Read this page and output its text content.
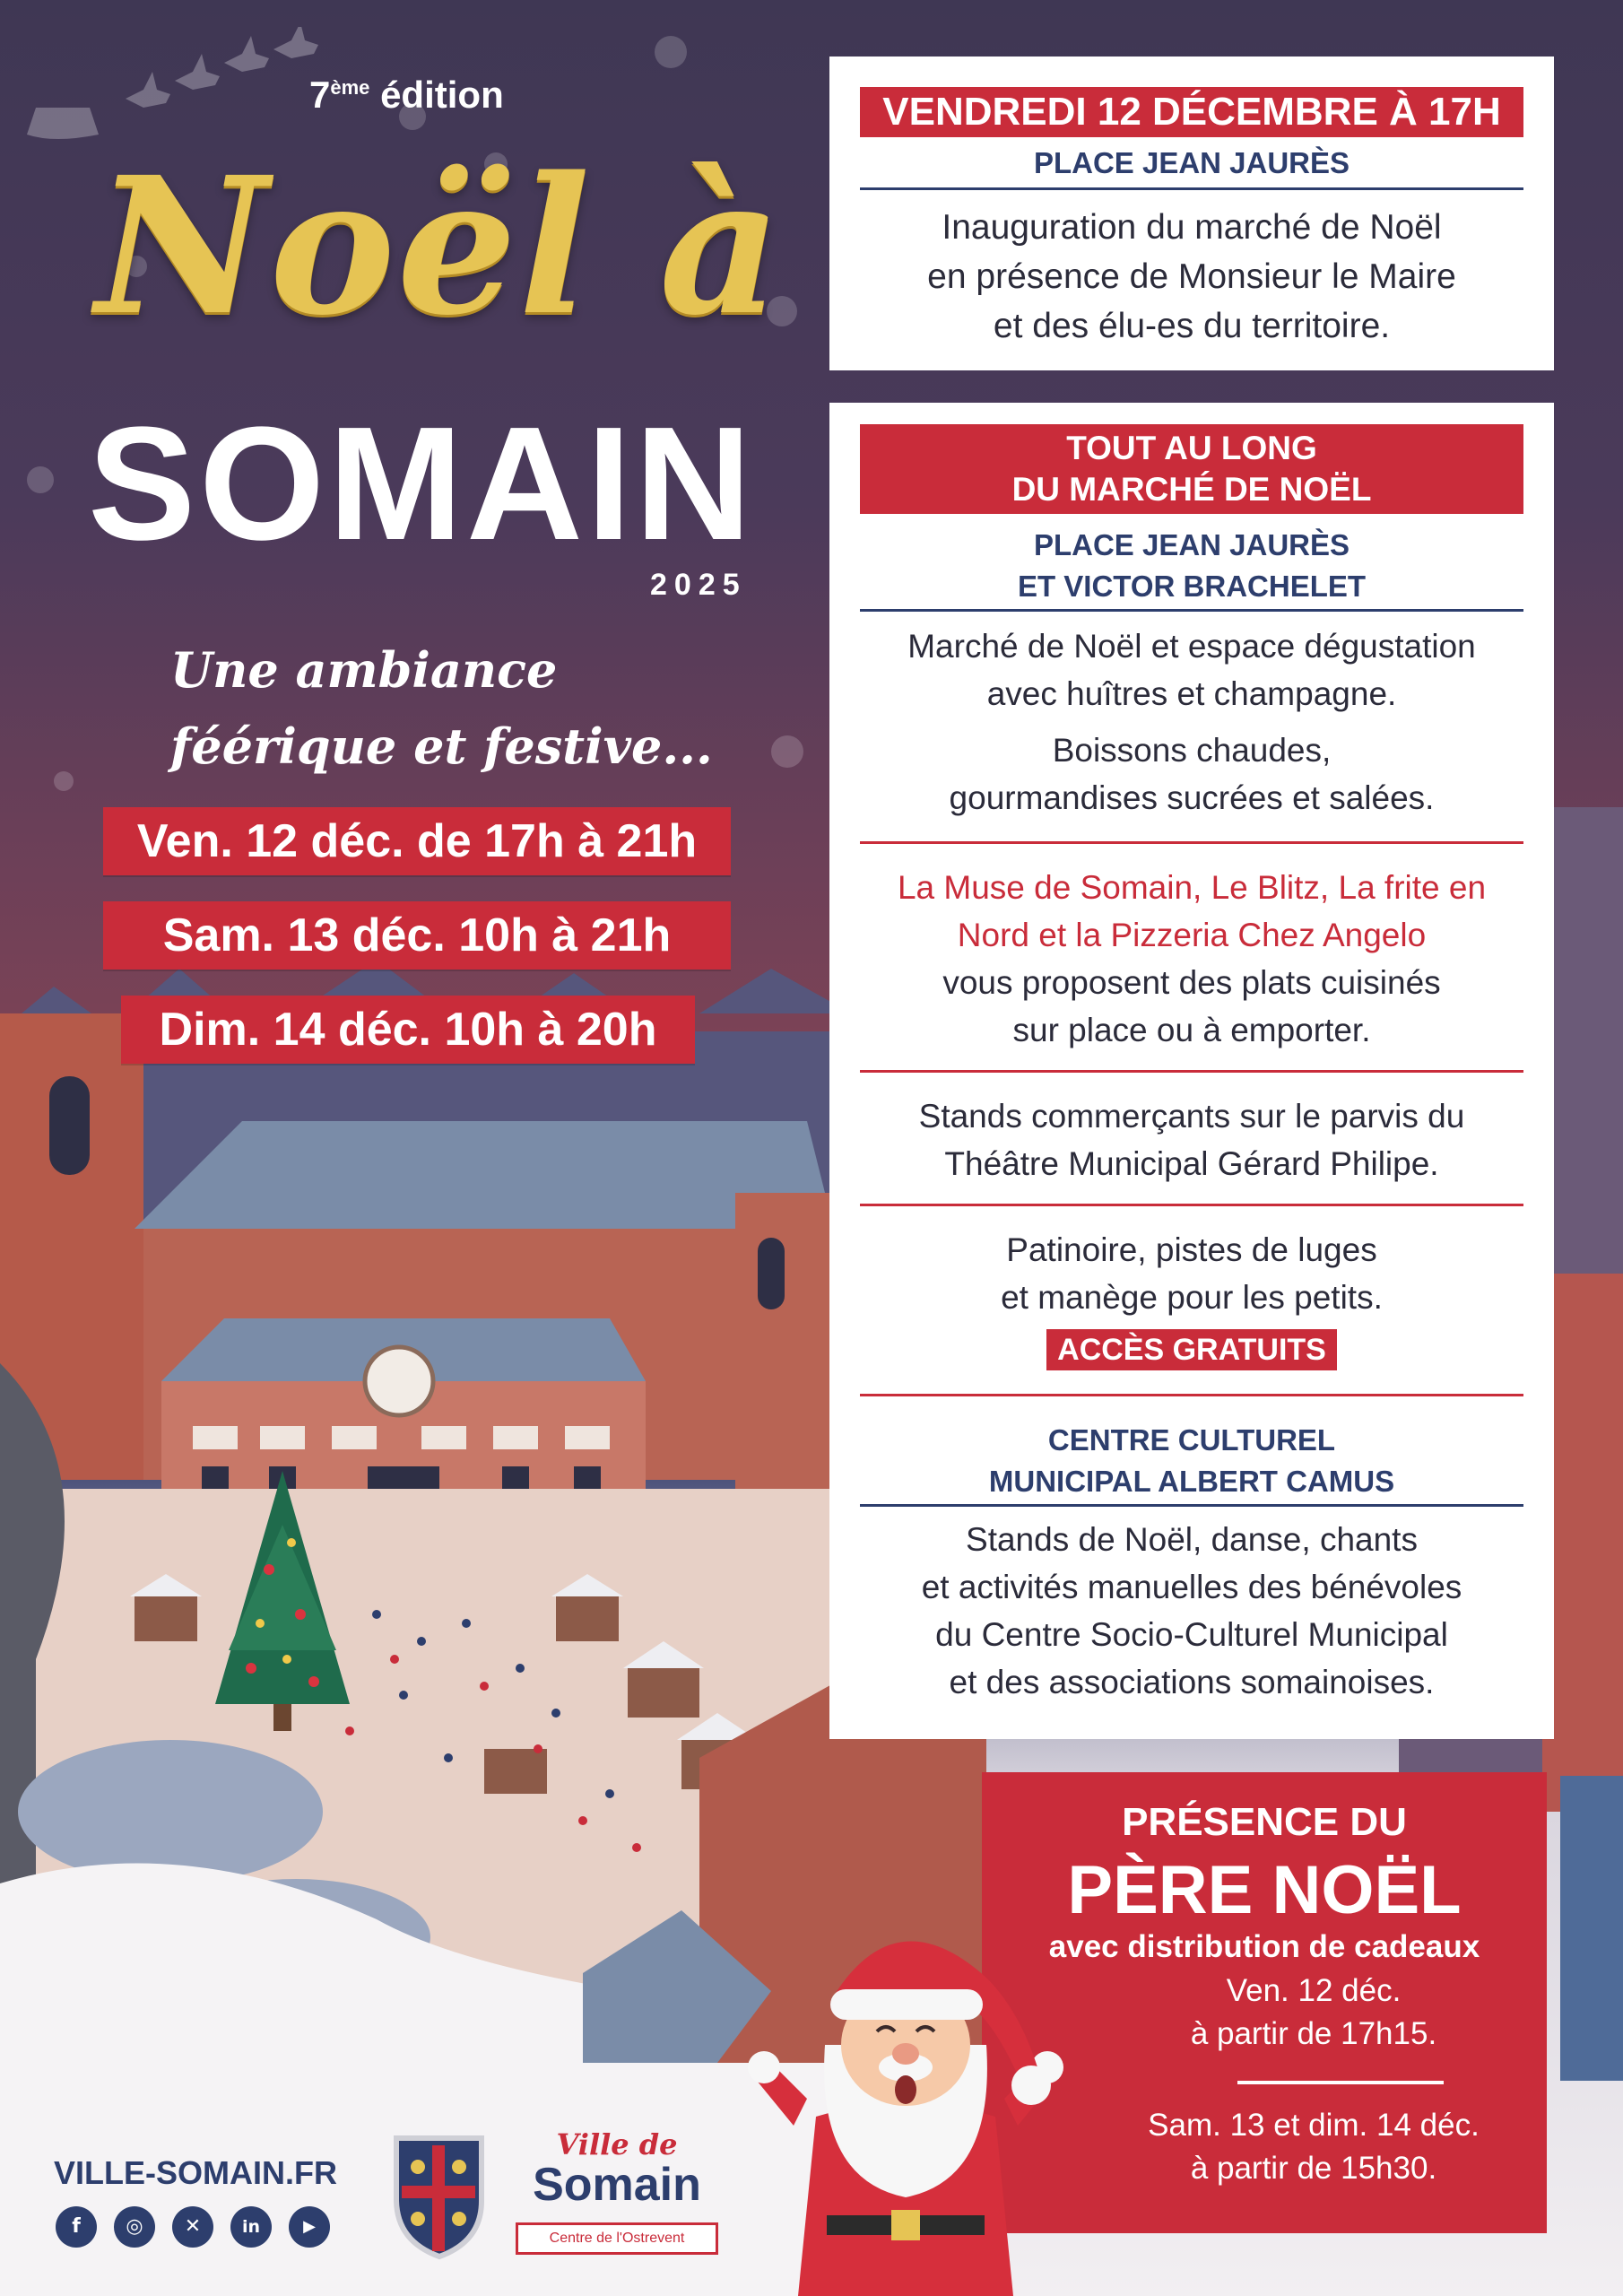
7ème édition
Noël à
SOMAIN
2025
Une ambiance féérique et festive...
Ven. 12 déc. de 17h à 21h
Sam. 13 déc. 10h à 21h
Dim. 14 déc. 10h à 20h
VENDREDI 12 DÉCEMBRE À 17H
PLACE JEAN JAURÈS
Inauguration du marché de Noël
en présence de Monsieur le Maire
et des élu-es du territoire.
TOUT AU LONG
DU MARCHÉ DE NOËL
PLACE JEAN JAURÈS
ET VICTOR BRACHELET
Marché de Noël et espace dégustation
avec huîtres et champagne.
Boissons chaudes,
gourmandises sucrées et salées.
La Muse de Somain, Le Blitz, La frite en
Nord et la Pizzeria Chez Angelo
vous proposent des plats cuisinés
sur place ou à emporter.
Stands commerçants sur le parvis du
Théâtre Municipal Gérard Philipe.
Patinoire, pistes de luges
et manège pour les petits.
ACCÈS GRATUITS
CENTRE CULTUREL
MUNICIPAL ALBERT CAMUS
Stands de Noël, danse, chants
et activités manuelles des bénévoles
du Centre Socio-Culturel Municipal
et des associations somainoises.
PRÉSENCE DU
PÈRE NOËL
avec distribution de cadeaux
Ven. 12 déc.
à partir de 17h15.
Sam. 13 et dim. 14 déc.
à partir de 15h30.
VILLE-SOMAIN.FR
f	◎	✕	in	▶
Ville de
Somain
Centre de l'Ostrevent
